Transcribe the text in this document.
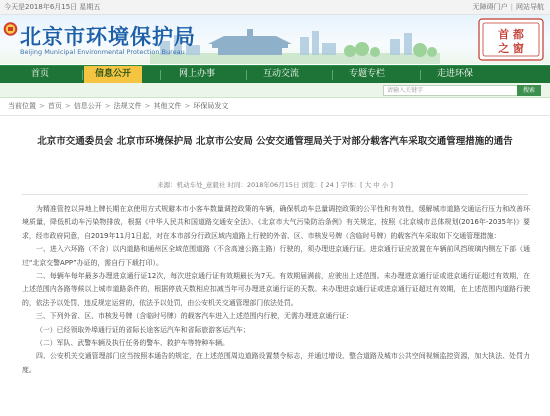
今天是2018年6月15日 星期五	无障碍门户 | 网站导航
北京市环境保护局
Beijing Municipal Environmental Protection Bureau
首 都
之 窗
首页	信息公开	网上办事	互动交流	专题专栏	走进环保
请输入关键字	搜索
当前位置 > 首页 > 信息公开 > 法规文件 > 其他文件 > 环保局发文
北京市交通委员会 北京市环境保护局 北京市公安局 公安交通管理局关于对部分载客汽车采取交通管理措施的通告
来源：机动车处_意毅社 时间：2018年06月15日 浏览：[ 24 ] 字体：[ 大 中 小 ]

为精准管控以异地上牌长期在京使用方式规避本市小客车数量调控政策的车辆，确保机动车总量调控政策的公平性和有效性，缓解城市道路交通运行压力和改善环境质量，降低机动车污染物排放，根据《中华人民共和国道路交通安全法》、《北京市大气污染防治条例》有关规定，按照《北京城市总体规划(2016年-2035年)》要求，经市政府同意，自2019年11月1日起，对在本市部分行政区域内道路上行驶的外省、区、市核发号牌（含临时号牌）的载客汽车采取如下交通管理措施：

一、进入六环路（不含）以内道路和通州区全域范围道路（不含高速公路主路）行驶的，须办理进京通行证。进京通行证应放置在车辆前风挡玻璃内侧左下部（通过“北京交警APP”办证的，需自行下载打印）。

二、每辆车每年最多办理进京通行证12次，每次进京通行证有效期最长为7天。有效期届满前，应驶出上述范围。未办理进京通行证或进京通行证超过有效期，在上述范围内各路等候以上城市道路条件的，根据停放天数相应扣减当年可办理进京通行证的天数。未办理进京通行证或进京通行证超过有效期，在上述范围内道路行驶的，依法予以处罚，违反规定运营的，依法予以处罚，由公安机关交通管理部门依法处罚。

三、下列外省、区、市核发号牌（含临时号牌）的载客汽车进入上述范围内行驶，无需办理进京通行证：

（一）已经领取外埠通行证的省际长途客运汽车和省际旅游客运汽车；

（二）军队、武警车辆及执行任务的警车、救护车等特种车辆。

四、公安机关交通管理部门应当按照本通告的规定，在上述范围周边道路设置禁令标志，并通过增设、整合道路及城市公共空间视频监控资源，加大执法、处罚力度。
